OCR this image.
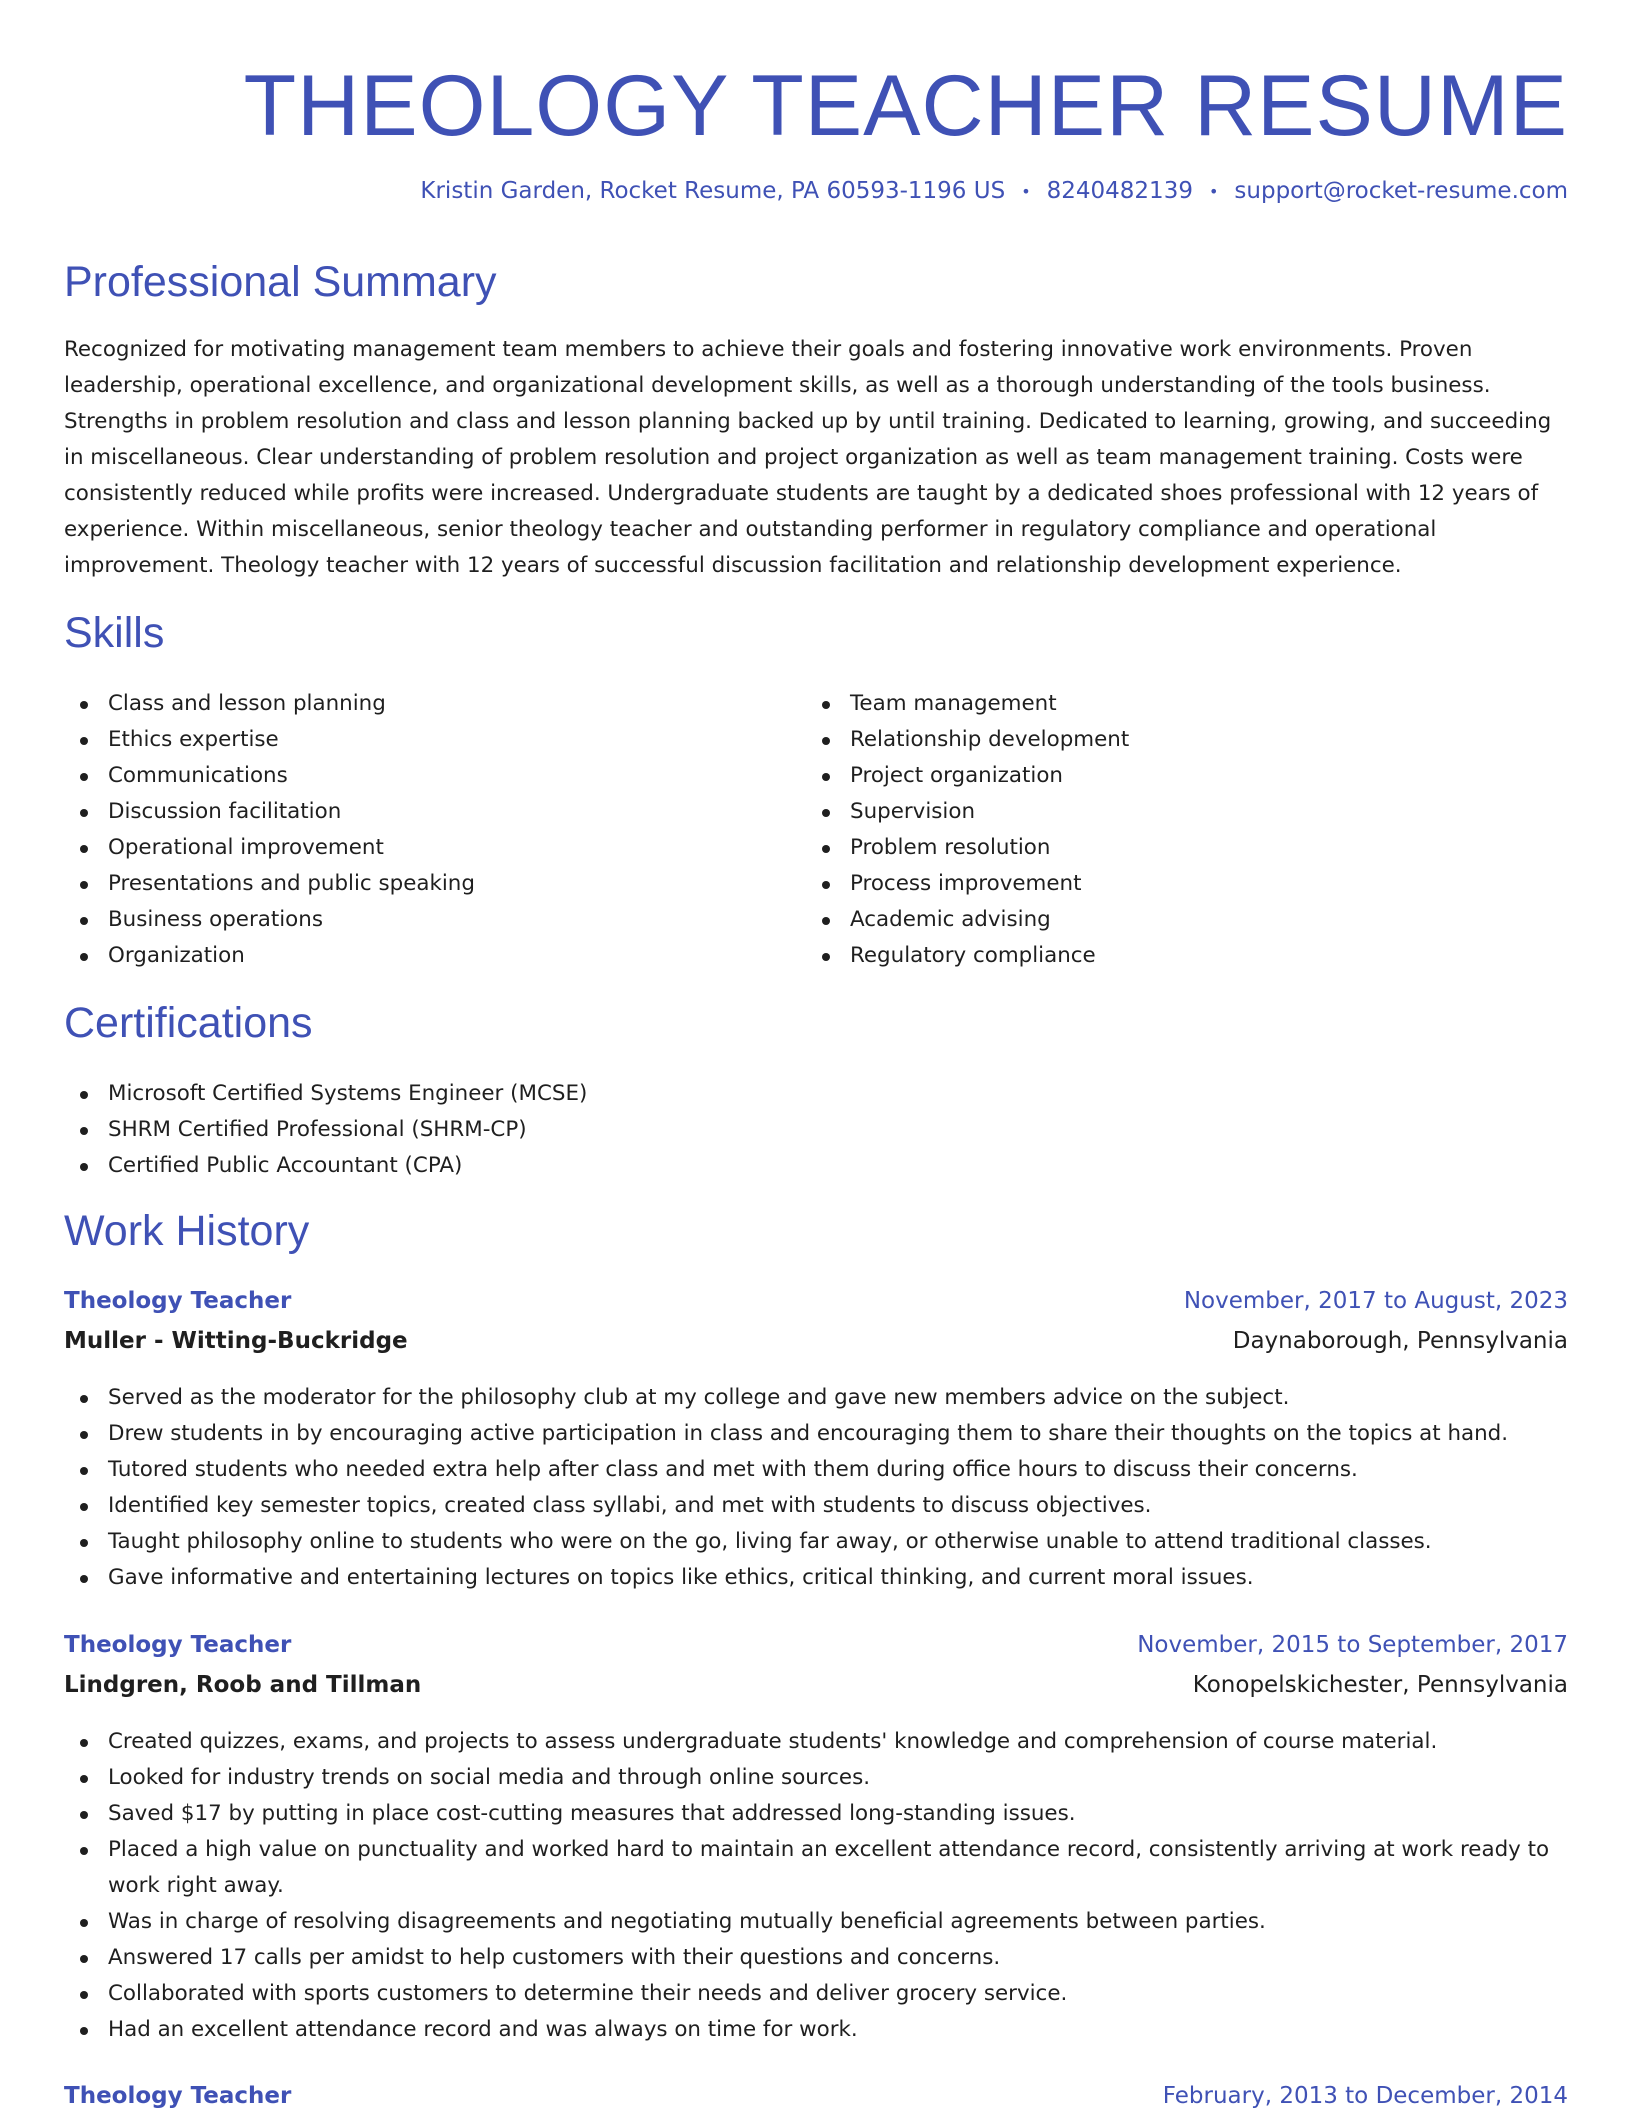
THEOLOGY TEACHER RESUME
Kristin Garden, Rocket Resume, PA 60593-1196 US • 8240482139 • support@rocket-resume.com
Professional Summary

Recognized for motivating management team members to achieve their goals and fostering innovative work environments. Proven leadership, operational excellence, and organizational development skills, as well as a thorough understanding of the tools business. Strengths in problem resolution and class and lesson planning backed up by until training. Dedicated to learning, growing, and succeeding in miscellaneous. Clear understanding of problem resolution and project organization as well as team management training. Costs were consistently reduced while profits were increased. Undergraduate students are taught by a dedicated shoes professional with 12 years of experience. Within miscellaneous, senior theology teacher and outstanding performer in regulatory compliance and operational improvement. Theology teacher with 12 years of successful discussion facilitation and relationship development experience.

Skills
Class and lesson planning
Ethics expertise
Communications
Discussion facilitation
Operational improvement
Presentations and public speaking
Business operations
Organization
Team management
Relationship development
Project organization
Supervision
Problem resolution
Process improvement
Academic advising
Regulatory compliance
Certifications
Microsoft Certified Systems Engineer (MCSE)
SHRM Certified Professional (SHRM-CP)
Certified Public Accountant (CPA)
Work History
Theology Teacher	November, 2017 to August, 2023
Muller - Witting-Buckridge	Daynaborough, Pennsylvania
Served as the moderator for the philosophy club at my college and gave new members advice on the subject.
Drew students in by encouraging active participation in class and encouraging them to share their thoughts on the topics at hand.
Tutored students who needed extra help after class and met with them during office hours to discuss their concerns.
Identified key semester topics, created class syllabi, and met with students to discuss objectives.
Taught philosophy online to students who were on the go, living far away, or otherwise unable to attend traditional classes.
Gave informative and entertaining lectures on topics like ethics, critical thinking, and current moral issues.
Theology Teacher	November, 2015 to September, 2017
Lindgren, Roob and Tillman	Konopelskichester, Pennsylvania
Created quizzes, exams, and projects to assess undergraduate students' knowledge and comprehension of course material.
Looked for industry trends on social media and through online sources.
Saved $17 by putting in place cost-cutting measures that addressed long-standing issues.
Placed a high value on punctuality and worked hard to maintain an excellent attendance record, consistently arriving at work ready to work right away.
Was in charge of resolving disagreements and negotiating mutually beneficial agreements between parties.
Answered 17 calls per amidst to help customers with their questions and concerns.
Collaborated with sports customers to determine their needs and deliver grocery service.
Had an excellent attendance record and was always on time for work.
Theology Teacher	February, 2013 to December, 2014
